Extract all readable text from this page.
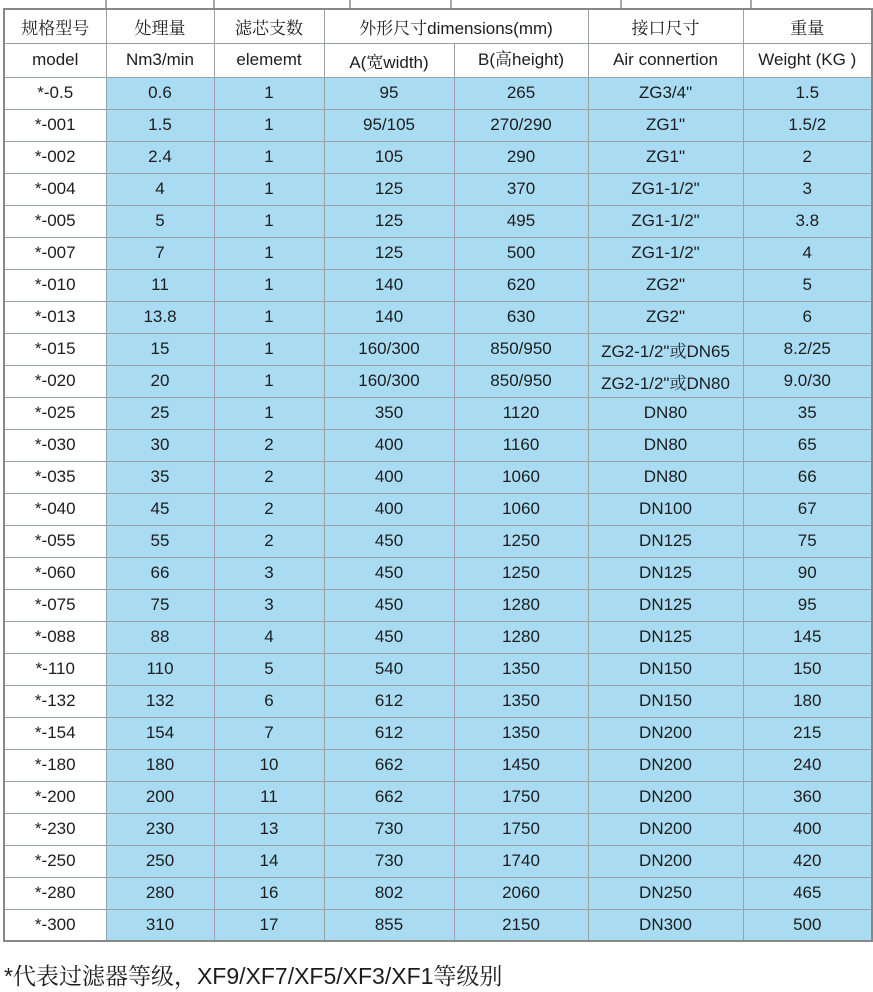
规格型号	处理量	滤芯支数	外形尺寸dimensions(mm)		接口尺寸	重量
model	Nm3/min	elememt	A(宽width)	B(高height)	Air connertion	Weight (KG )
*-0.5	0.6	1	95	265	ZG3/4"	1.5
*-001	1.5	1	95/105	270/290	ZG1"	1.5/2
*-002	2.4	1	105	290	ZG1"	2
*-004	4	1	125	370	ZG1-1/2"	3
*-005	5	1	125	495	ZG1-1/2"	3.8
*-007	7	1	125	500	ZG1-1/2"	4
*-010	11	1	140	620	ZG2"	5
*-013	13.8	1	140	630	ZG2"	6
*-015	15	1	160/300	850/950	ZG2-1/2"或DN65	8.2/25
*-020	20	1	160/300	850/950	ZG2-1/2"或DN80	9.0/30
*-025	25	1	350	1120	DN80	35
*-030	30	2	400	1160	DN80	65
*-035	35	2	400	1060	DN80	66
*-040	45	2	400	1060	DN100	67
*-055	55	2	450	1250	DN125	75
*-060	66	3	450	1250	DN125	90
*-075	75	3	450	1280	DN125	95
*-088	88	4	450	1280	DN125	145
*-110	110	5	540	1350	DN150	150
*-132	132	6	612	1350	DN150	180
*-154	154	7	612	1350	DN200	215
*-180	180	10	662	1450	DN200	240
*-200	200	11	662	1750	DN200	360
*-230	230	13	730	1750	DN200	400
*-250	250	14	730	1740	DN200	420
*-280	280	16	802	2060	DN250	465
*-300	310	17	855	2150	DN300	500
*代表过滤器等级，XF9/XF7/XF5/XF3/XF1等级别
